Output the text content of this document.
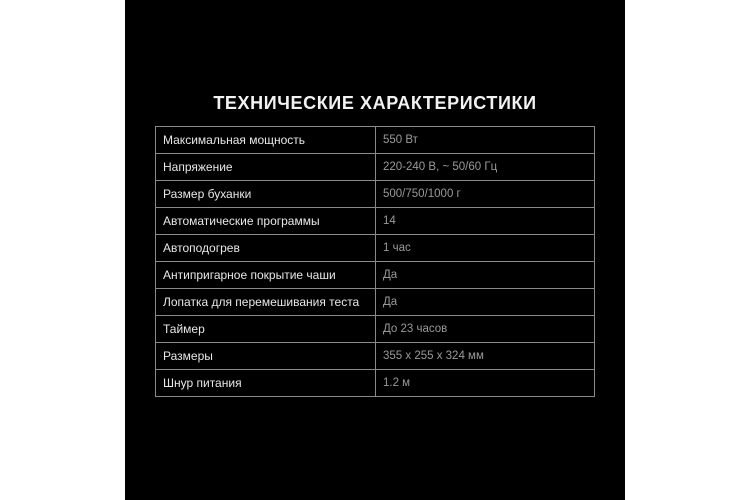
ТЕХНИЧЕСКИЕ ХАРАКТЕРИСТИКИ
Максимальная мощность	550 Вт
Напряжение	220-240 В, ~ 50/60 Гц
Размер буханки	500/750/1000 г
Автоматические программы	14
Автоподогрев	1 час
Антипригарное покрытие чаши	Да
Лопатка для перемешивания теста	Да
Таймер	До 23 часов
Размеры	355 x 255 x 324 мм
Шнур питания	1.2 м
